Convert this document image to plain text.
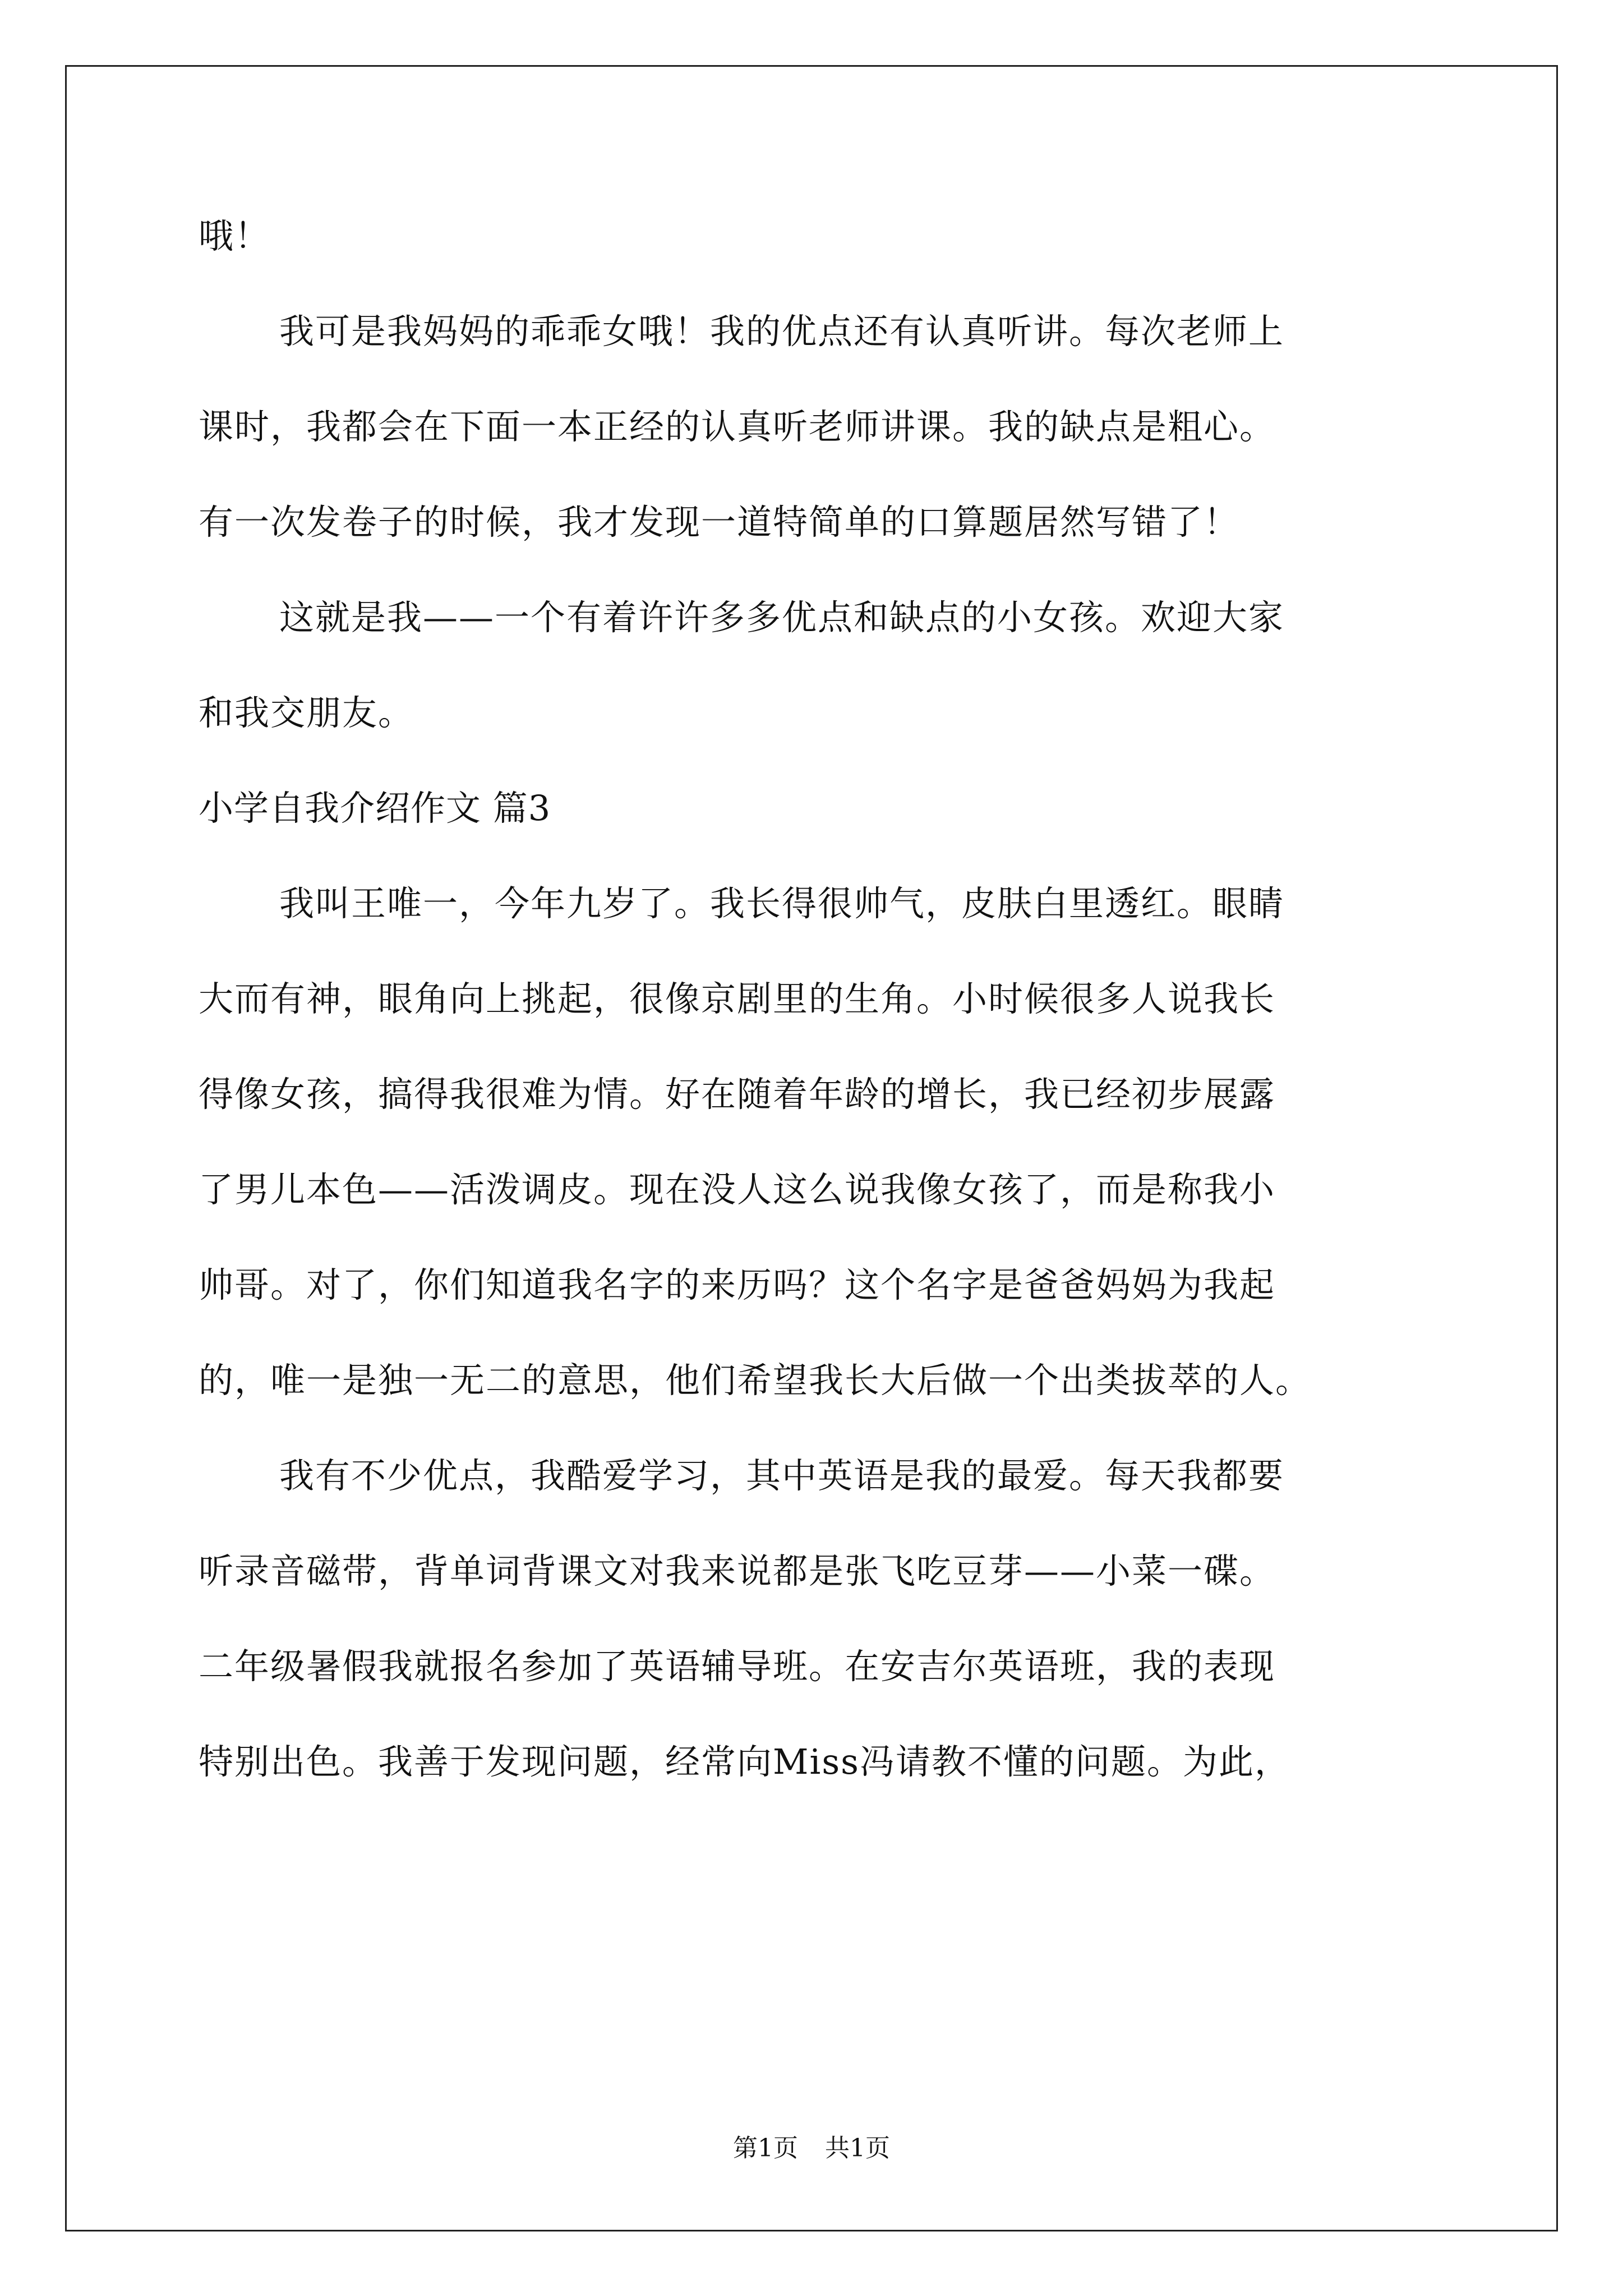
哦！
我可是我妈妈的乖乖女哦！我的优点还有认真听讲。每次老师上
课时，我都会在下面一本正经的认真听老师讲课。我的缺点是粗心。
有一次发卷子的时候，我才发现一道特简单的口算题居然写错了！
这就是我——一个有着许许多多优点和缺点的小女孩。欢迎大家
和我交朋友。
小学自我介绍作文 篇3
我叫王唯一，今年九岁了。我长得很帅气，皮肤白里透红。眼睛
大而有神，眼角向上挑起，很像京剧里的生角。小时候很多人说我长
得像女孩，搞得我很难为情。好在随着年龄的增长，我已经初步展露
了男儿本色——活泼调皮。现在没人这么说我像女孩了，而是称我小
帅哥。对了，你们知道我名字的来历吗？这个名字是爸爸妈妈为我起
的，唯一是独一无二的意思，他们希望我长大后做一个出类拔萃的人。
我有不少优点，我酷爱学习，其中英语是我的最爱。每天我都要
听录音磁带，背单词背课文对我来说都是张飞吃豆芽——小菜一碟。
二年级暑假我就报名参加了英语辅导班。在安吉尔英语班，我的表现
特别出色。我善于发现问题，经常向Miss冯请教不懂的问题。为此，
第1页 共1页
